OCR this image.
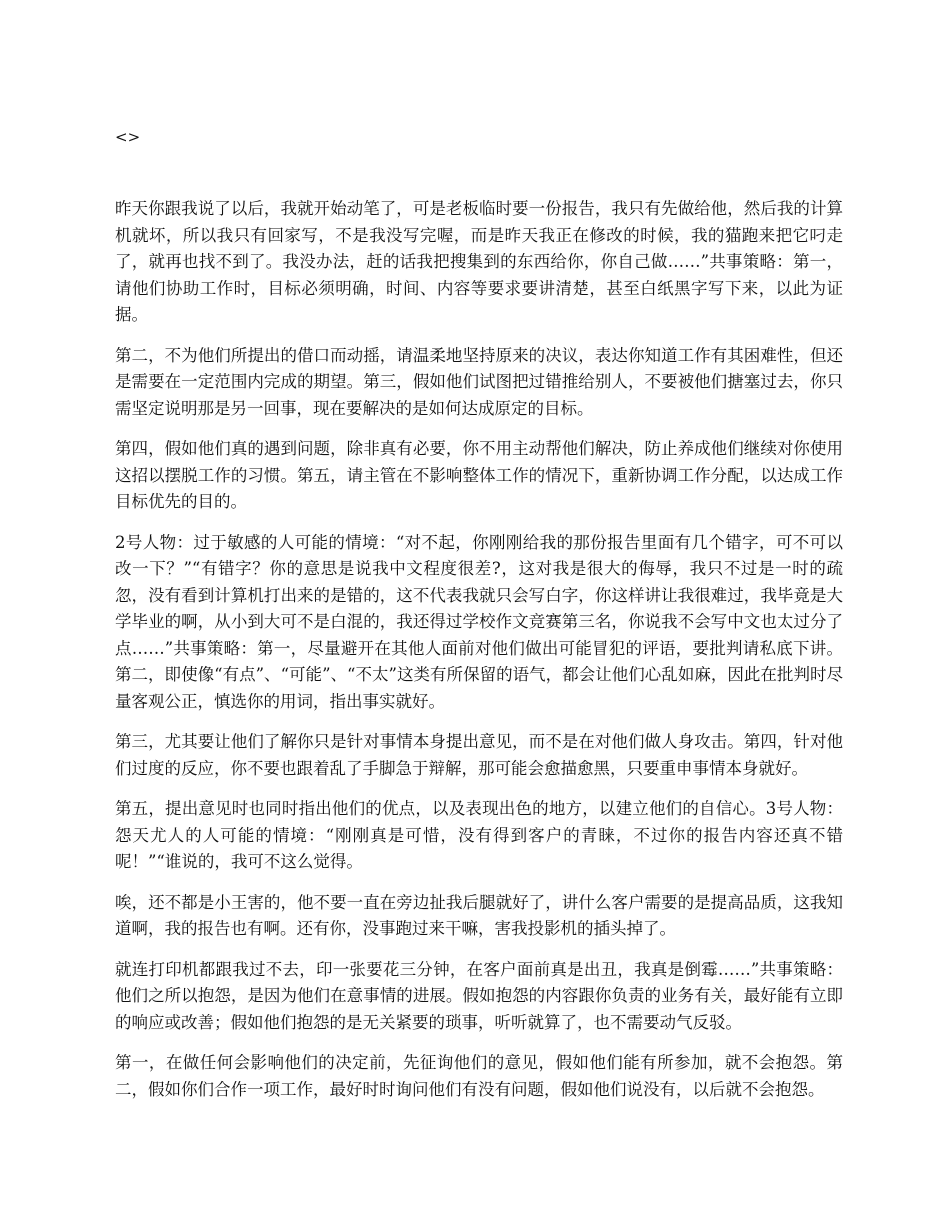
<>

昨天你跟我说了以后，我就开始动笔了，可是老板临时要一份报告，我只有先做给他，然后我的计算机就坏，所以我只有回家写，不是我没写完喔，而是昨天我正在修改的时候，我的猫跑来把它叼走了，就再也找不到了。我没办法，赶的话我把搜集到的东西给你，你自己做……”共事策略：第一，请他们协助工作时，目标必须明确，时间、内容等要求要讲清楚，甚至白纸黑字写下来，以此为证据。

第二，不为他们所提出的借口而动摇，请温柔地坚持原来的决议，表达你知道工作有其困难性，但还是需要在一定范围内完成的期望。第三，假如他们试图把过错推给别人，不要被他们搪塞过去，你只需坚定说明那是另一回事，现在要解决的是如何达成原定的目标。

第四，假如他们真的遇到问题，除非真有必要，你不用主动帮他们解决，防止养成他们继续对你使用这招以摆脱工作的习惯。第五，请主管在不影响整体工作的情况下，重新协调工作分配，以达成工作目标优先的目的。

2号人物：过于敏感的人可能的情境：“对不起，你刚刚给我的那份报告里面有几个错字，可不可以改一下？”“有错字？你的意思是说我中文程度很差?，这对我是很大的侮辱，我只不过是一时的疏忽，没有看到计算机打出来的是错的，这不代表我就只会写白字，你这样讲让我很难过，我毕竟是大学毕业的啊，从小到大可不是白混的，我还得过学校作文竞赛第三名，你说我不会写中文也太过分了点……”共事策略：第一，尽量避开在其他人面前对他们做出可能冒犯的评语，要批判请私底下讲。第二，即使像“有点”、“可能”、“不太”这类有所保留的语气，都会让他们心乱如麻，因此在批判时尽量客观公正，慎选你的用词，指出事实就好。

第三，尤其要让他们了解你只是针对事情本身提出意见，而不是在对他们做人身攻击。第四，针对他们过度的反应，你不要也跟着乱了手脚急于辩解，那可能会愈描愈黑，只要重申事情本身就好。

第五，提出意见时也同时指出他们的优点，以及表现出色的地方，以建立他们的自信心。3号人物：怨天尤人的人可能的情境：“刚刚真是可惜，没有得到客户的青睐，不过你的报告内容还真不错呢！”“谁说的，我可不这么觉得。

唉，还不都是小王害的，他不要一直在旁边扯我后腿就好了，讲什么客户需要的是提高品质，这我知道啊，我的报告也有啊。还有你，没事跑过来干嘛，害我投影机的插头掉了。

就连打印机都跟我过不去，印一张要花三分钟，在客户面前真是出丑，我真是倒霉……”共事策略：他们之所以抱怨，是因为他们在意事情的进展。假如抱怨的内容跟你负责的业务有关，最好能有立即的响应或改善；假如他们抱怨的是无关紧要的琐事，听听就算了，也不需要动气反驳。

第一，在做任何会影响他们的决定前，先征询他们的意见，假如他们能有所参加，就不会抱怨。第二，假如你们合作一项工作，最好时时询问他们有没有问题，假如他们说没有，以后就不会抱怨。
